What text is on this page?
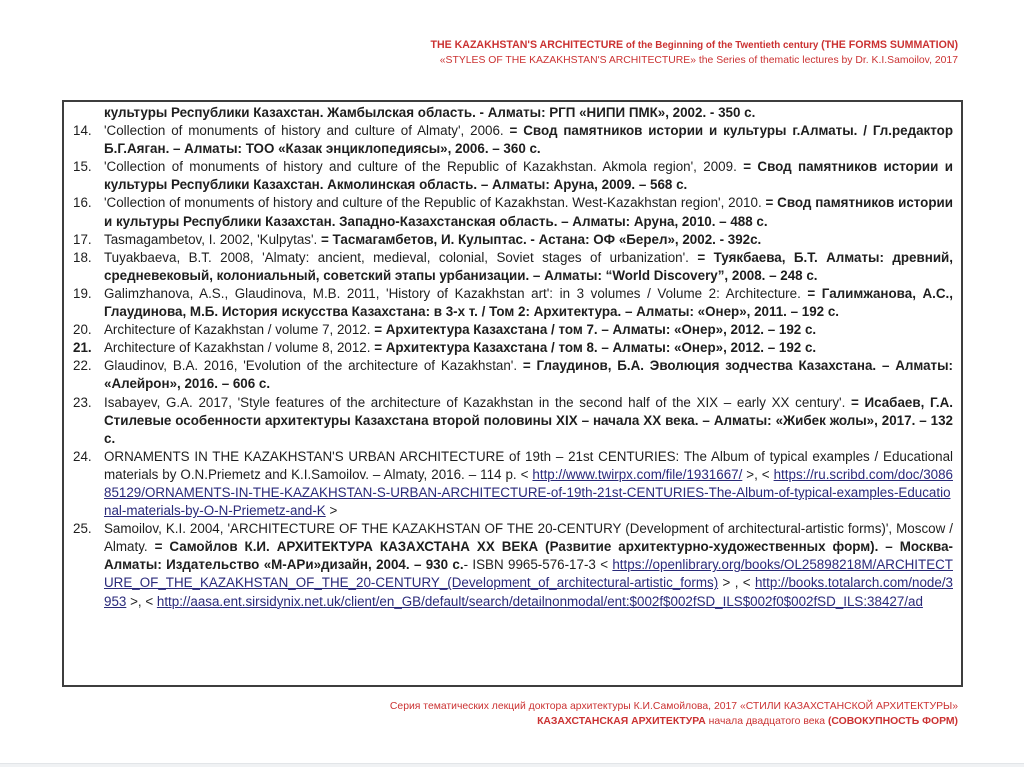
THE KAZAKHSTAN'S ARCHITECTURE of the Beginning of the Twentieth century (THE FORMS SUMMATION)
«STYLES OF THE KAZAKHSTAN'S ARCHITECTURE» the Series of thematic lectures by Dr. K.I.Samoilov, 2017
культуры Республики Казахстан. Жамбылская область. - Алматы: РГП «НИПИ ПМК», 2002. - 350 с.
14. 'Collection of monuments of history and culture of Almaty', 2006. = Свод памятников истории и культуры г.Алматы. / Гл.редактор Б.Г.Аяган. – Алматы: ТОО «Казак энциклопедиясы», 2006. – 360 с.
15. 'Collection of monuments of history and culture of the Republic of Kazakhstan. Akmola region', 2009. = Свод памятников истории и культуры Республики Казахстан. Акмолинская область. – Алматы: Аруна, 2009. – 568 с.
16. 'Collection of monuments of history and culture of the Republic of Kazakhstan. West-Kazakhstan region', 2010. = Свод памятников истории и культуры Республики Казахстан. Западно-Казахстанская область. – Алматы: Аруна, 2010. – 488 с.
17. Tasmagambetov, I. 2002, 'Kulpytas'. = Тасмагамбетов, И. Кулыптас. - Астана: ОФ «Берел», 2002. - 392с.
18. Tuyakbaeva, B.T. 2008, 'Almaty: ancient, medieval, colonial, Soviet stages of urbanization'. = Туякбаева, Б.Т. Алматы: древний, средневековый, колониальный, советский этапы урбанизации. – Алматы: “World Discovery”, 2008. – 248 с.
19. Galimzhanova, A.S., Glaudinova, M.B. 2011, 'History of Kazakhstan art': in 3 volumes / Volume 2: Architecture. = Галимжанова, А.С., Глаудинова, М.Б. История искусства Казахстана: в 3-х т. / Том 2: Архитектура. – Алматы: «Онер», 2011. – 192 с.
20. Architecture of Kazakhstan / volume 7, 2012. = Архитектура Казахстана / том 7. – Алматы: «Онер», 2012. – 192 с.
21. Architecture of Kazakhstan / volume 8, 2012. = Архитектура Казахстана / том 8. – Алматы: «Онер», 2012. – 192 с.
22. Glaudinov, B.A. 2016, 'Evolution of the architecture of Kazakhstan'. = Глаудинов, Б.А. Эволюция зодчества Казахстана. – Алматы: «Алейрон», 2016. – 606 с.
23. Isabayev, G.A. 2017, 'Style features of the architecture of Kazakhstan in the second half of the XIX – early XX century'. = Исабаев, Г.А. Стилевые особенности архитектуры Казахстана второй половины XIX – начала XX века. – Алматы: «Жибек жолы», 2017. – 132 с.
24. ORNAMENTS IN THE KAZAKHSTAN'S URBAN ARCHITECTURE of 19th – 21st CENTURIES: The Album of typical examples / Educational materials by O.N.Priemetz and K.I.Samoilov. – Almaty, 2016. – 114 p. < http://www.twirpx.com/file/1931667/ >, < https://ru.scribd.com/doc/308685129/ORNAMENTS-IN-THE-KAZAKHSTAN-S-URBAN-ARCHITECTURE-of-19th-21st-CENTURIES-The-Album-of-typical-examples-Educational-materials-by-O-N-Priemetz-and-K >
25. Samoilov, K.I. 2004, 'ARCHITECTURE OF THE KAZAKHSTAN OF THE 20-CENTURY (Development of architectural-artistic forms)', Moscow / Almaty. = Самойлов К.И. АРХИТЕКТУРА КАЗАХСТАНА XX ВЕКА (Развитие архитектурно-художественных форм). – Москва-Алматы: Издательство «М-АРи»дизайн, 2004. – 930 с.- ISBN 9965-576-17-3 < https://openlibrary.org/books/OL25898218M/ARCHITECTURE_OF_THE_KAZAKHSTAN_OF_THE_20-CENTURY_(Development_of_architectural-artistic_forms) > , < http://books.totalarch.com/node/3953 >, < http://aasa.ent.sirsidynix.net.uk/client/en_GB/default/search/detailnonmodal/ent:$002f$002fSD_ILS$002f0$002fSD_ILS:38427/ad
Серия тематических лекций доктора архитектуры К.И.Самойлова, 2017 «СТИЛИ КАЗАХСТАНСКОЙ АРХИТЕКТУРЫ»
КАЗАХСТАНСКАЯ АРХИТЕКТУРА начала двадцатого века (СОВОКУПНОСТЬ ФОРМ)
